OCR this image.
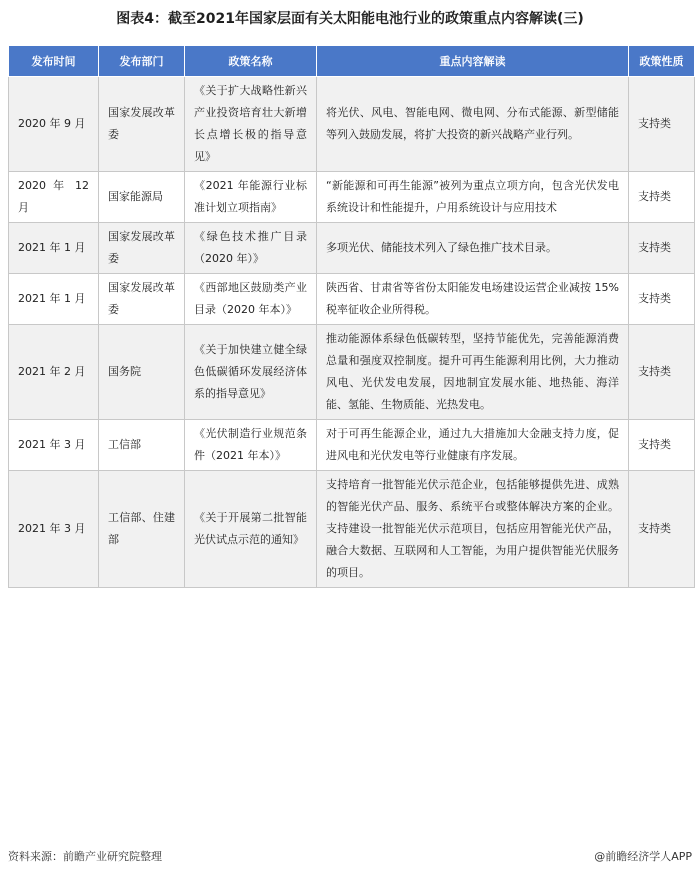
图表4：截至2021年国家层面有关太阳能电池行业的政策重点内容解读(三)
发布时间	发布部门	政策名称	重点内容解读	政策性质
2020 年 9 月	国家发展改革委	《关于扩大战略性新兴产业投资培育壮大新增长点增长极的指导意见》	将光伏、风电、智能电网、微电网、分布式能源、新型储能等列入鼓励发展，将扩大投资的新兴战略产业行列。	支持类
2020 年 12 月	国家能源局	《2021 年能源行业标准计划立项指南》	“新能源和可再生能源”被列为重点立项方向，包含光伏发电系统设计和性能提升，户用系统设计与应用技术	支持类
2021 年 1 月	国家发展改革委	《绿色技术推广目录（2020 年）》	多项光伏、储能技术列入了绿色推广技术目录。	支持类
2021 年 1 月	国家发展改革委	《西部地区鼓励类产业目录（2020 年本）》	陕西省、甘肃省等省份太阳能发电场建设运营企业减按 15%税率征收企业所得税。	支持类
2021 年 2 月	国务院	《关于加快建立健全绿色低碳循环发展经济体系的指导意见》	推动能源体系绿色低碳转型，坚持节能优先，完善能源消费总量和强度双控制度。提升可再生能源利用比例，大力推动风电、光伏发电发展，因地制宜发展水能、地热能、海洋能、氢能、生物质能、光热发电。	支持类
2021 年 3 月	工信部	《光伏制造行业规范条件（2021 年本）》	对于可再生能源企业，通过九大措施加大金融支持力度，促进风电和光伏发电等行业健康有序发展。	支持类
2021 年 3 月	工信部、住建部	《关于开展第二批智能光伏试点示范的通知》	支持培育一批智能光伏示范企业，包括能够提供先进、成熟的智能光伏产品、服务、系统平台或整体解决方案的企业。支持建设一批智能光伏示范项目，包括应用智能光伏产品，融合大数据、互联网和人工智能，为用户提供智能光伏服务的项目。	支持类
资料来源：前瞻产业研究院整理	@前瞻经济学人APP
